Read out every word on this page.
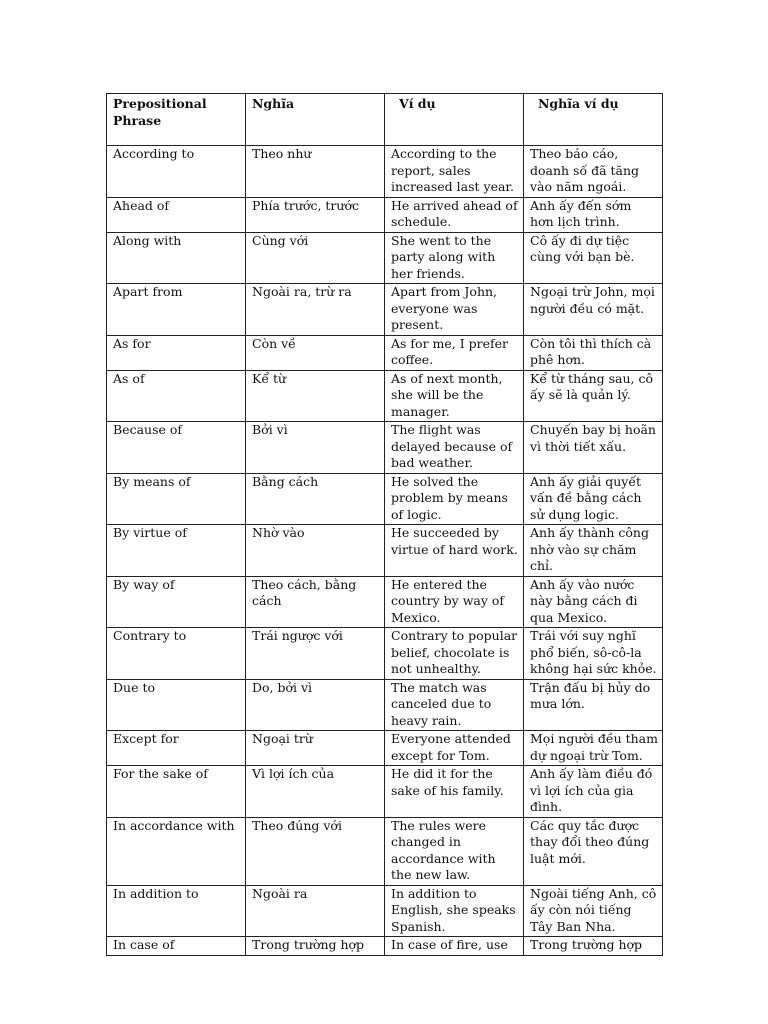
Prepositional Phrase	Nghĩa	Ví dụ	Nghĩa ví dụ
According to	Theo như	According to the report, sales increased last year.	Theo báo cáo, doanh số đã tăng vào năm ngoái.
Ahead of	Phía trước, trước	He arrived ahead of schedule.	Anh ấy đến sớm hơn lịch trình.
Along with	Cùng với	She went to the party along with her friends.	Cô ấy đi dự tiệc cùng với bạn bè.
Apart from	Ngoài ra, trừ ra	Apart from John, everyone was present.	Ngoại trừ John, mọi người đều có mặt.
As for	Còn về	As for me, I prefer coffee.	Còn tôi thì thích cà phê hơn.
As of	Kể từ	As of next month, she will be the manager.	Kể từ tháng sau, cô ấy sẽ là quản lý.
Because of	Bởi vì	The flight was delayed because of bad weather.	Chuyến bay bị hoãn vì thời tiết xấu.
By means of	Bằng cách	He solved the problem by means of logic.	Anh ấy giải quyết vấn đề bằng cách sử dụng logic.
By virtue of	Nhờ vào	He succeeded by virtue of hard work.	Anh ấy thành công nhờ vào sự chăm chỉ.
By way of	Theo cách, bằng cách	He entered the country by way of Mexico.	Anh ấy vào nước này bằng cách đi qua Mexico.
Contrary to	Trái ngược với	Contrary to popular belief, chocolate is not unhealthy.	Trái với suy nghĩ phổ biến, sô-cô-la không hại sức khỏe.
Due to	Do, bởi vì	The match was canceled due to heavy rain.	Trận đấu bị hủy do mưa lớn.
Except for	Ngoại trừ	Everyone attended except for Tom.	Mọi người đều tham dự ngoại trừ Tom.
For the sake of	Vì lợi ích của	He did it for the sake of his family.	Anh ấy làm điều đó vì lợi ích của gia đình.
In accordance with	Theo đúng với	The rules were changed in accordance with the new law.	Các quy tắc được thay đổi theo đúng luật mới.
In addition to	Ngoài ra	In addition to English, she speaks Spanish.	Ngoài tiếng Anh, cô ấy còn nói tiếng Tây Ban Nha.
In case of	Trong trường hợp	In case of fire, use	Trong trường hợp
